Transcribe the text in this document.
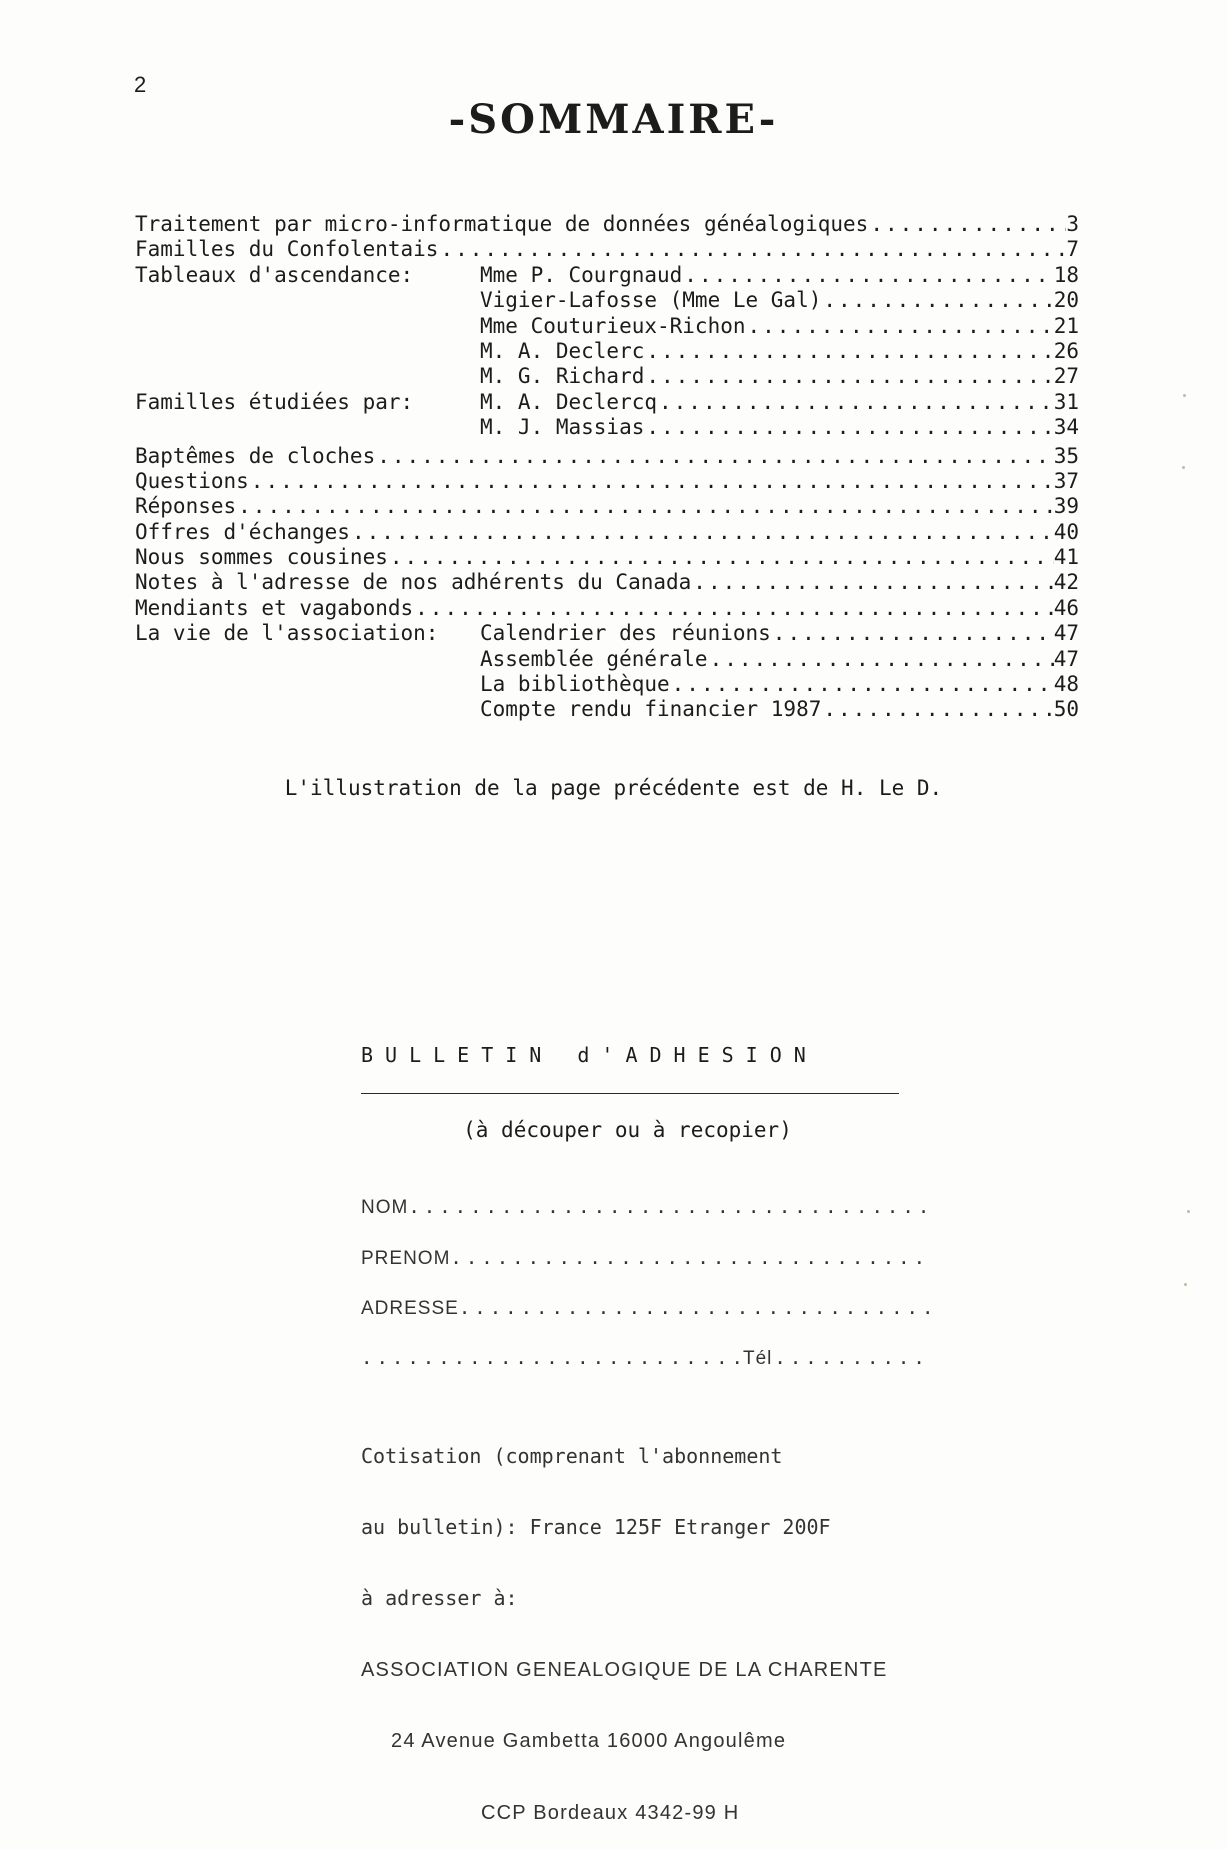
2
-SOMMAIRE-
Traitement par micro-informatique de données généalogiques .....	3
Familles du Confolentais .....	7
Tableaux d'ascendance:	Mme P. Courgnaud .....	18
Vigier-Lafosse (Mme Le Gal) .....	20
Mme Couturieux-Richon .....	21
M. A. Declerc .....	26
M. G. Richard .....	27
Familles étudiées par:	M. A. Declercq .....	31
M. J. Massias .....	34
Baptêmes de cloches .....	35
Questions .....	37
Réponses .....	39
Offres d'échanges .....	40
Nous sommes cousines .....	41
Notes à l'adresse de nos adhérents du Canada .....	42
Mendiants et vagabonds .....	46
La vie de l'association:	Calendrier des réunions .....	47
Assemblée générale .....	47
La bibliothèque .....	48
Compte rendu financier 1987 .....	50
L'illustration de la page précédente est de H. Le D.
BULLETIN d'ADHESION
(à découper ou à recopier)
NOM
.....
PRENOM
.....
ADRESSE
.....
.....
Tél
.....

Cotisation (comprenant l'abonnement

au bulletin): France 125F Etranger 200F

à adresser à:

ASSOCIATION GENEALOGIQUE DE LA CHARENTE

24 Avenue Gambetta 16000 Angoulême

CCP Bordeaux 4342-99 H
